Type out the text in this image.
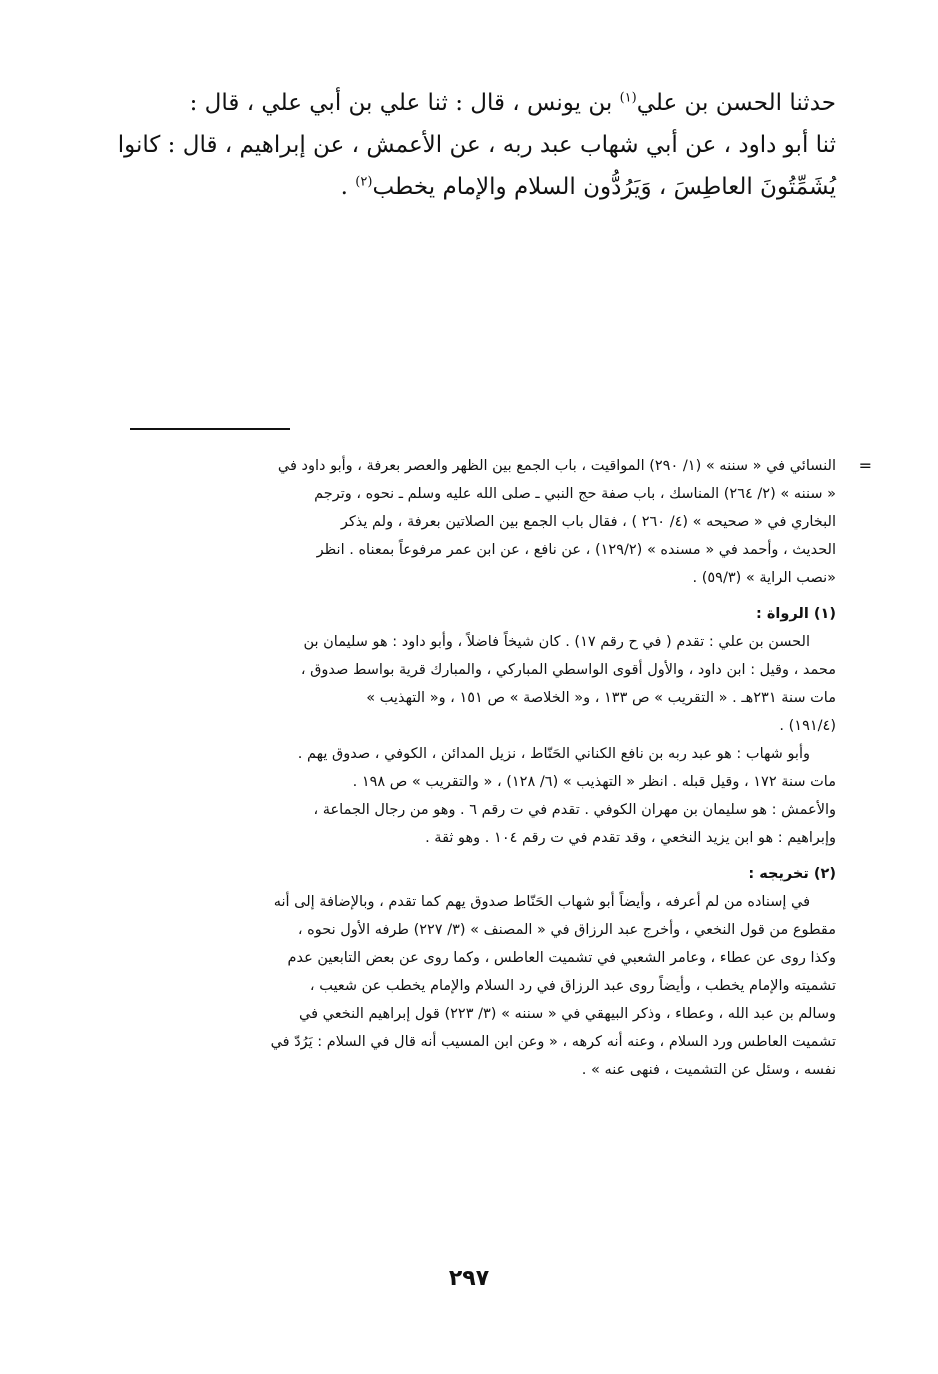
حدثنا الحسن بن علي$^{(١)}$ بن يونس ، قال : ثنا علي بن أبي علي ، قال :
ثنا أبو داود ، عن أبي شهاب عبد ربه ، عن الأعمش ، عن إبراهيم ، قال : كانوا
يُشَمِّتُونَ العاطِسَ ، وَيَرُدُّون السلام والإمام يخطب$^{(٢)}$ .
=
النسائي في « سننه » (١/ ٢٩٠) المواقيت ، باب الجمع بين الظهر والعصر بعرفة ، وأبو داود في
« سننه » (٢/ ٢٦٤) المناسك ، باب صفة حج النبي ـ صلى الله عليه وسلم ـ نحوه ، وترجم
البخاري في « صحيحه » (٤/ ٢٦٠ ) ، فقال باب الجمع بين الصلاتين بعرفة ، ولم يذكر
الحديث ، وأحمد في « مسنده » (١٢٩/٢) ، عن نافع ، عن ابن عمر مرفوعاً بمعناه . انظر
«نصب الراية » (٥٩/٣) .
(١) الرواة :
الحسن بن علي : تقدم ( في ح رقم ١٧) . كان شيخاً فاضلاً ، وأبو داود : هو سليمان بن
محمد ، وقيل : ابن داود ، والأول أقوى الواسطي المباركي ، والمبارك قرية بواسط صدوق ،
مات سنة ٢٣١هـ . « التقريب » ص ١٣٣ ، و« الخلاصة » ص ١٥١ ، و« التهذيب »
(١٩١/٤) .
وأبو شهاب : هو عبد ربه بن نافع الكناني الحَنّاط ، نزيل المدائن ، الكوفي ، صدوق يهم .
مات سنة ١٧٢ ، وقيل قبله . انظر « التهذيب » (٦/ ١٢٨) ، « والتقريب » ص ١٩٨ .
والأعمش : هو سليمان بن مهران الكوفي . تقدم في ت رقم ٦ . وهو من رجال الجماعة ،
وإبراهيم : هو ابن يزيد النخعي ، وقد تقدم في ت رقم ١٠٤ . وهو ثقة .
(٢) تخريجه :
في إسناده من لم أعرفه ، وأيضاً أبو شهاب الحَنّاط صدوق يهم كما تقدم ، وبالإضافة إلى أنه
مقطوع من قول النخعي ، وأخرج عبد الرزاق في « المصنف » (٣/ ٢٢٧) طرفه الأول نحوه ،
وكذا روى عن عطاء ، وعامر الشعبي في تشميت العاطس ، وكما روى عن بعض التابعين عدم
تشميته والإمام يخطب ، وأيضاً روى عبد الرزاق في رد السلام والإمام يخطب عن شعيب ،
وسالم بن عبد الله ، وعطاء ، وذكر البيهقي في « سننه » (٣/ ٢٢٣) قول إبراهيم النخعي في
تشميت العاطس ورد السلام ، وعنه أنه كرهه ، « وعن ابن المسيب أنه قال في السلام : يَرُدّ في
نفسه ، وسئل عن التشميت ، فنهى عنه » .
٢٩٧
